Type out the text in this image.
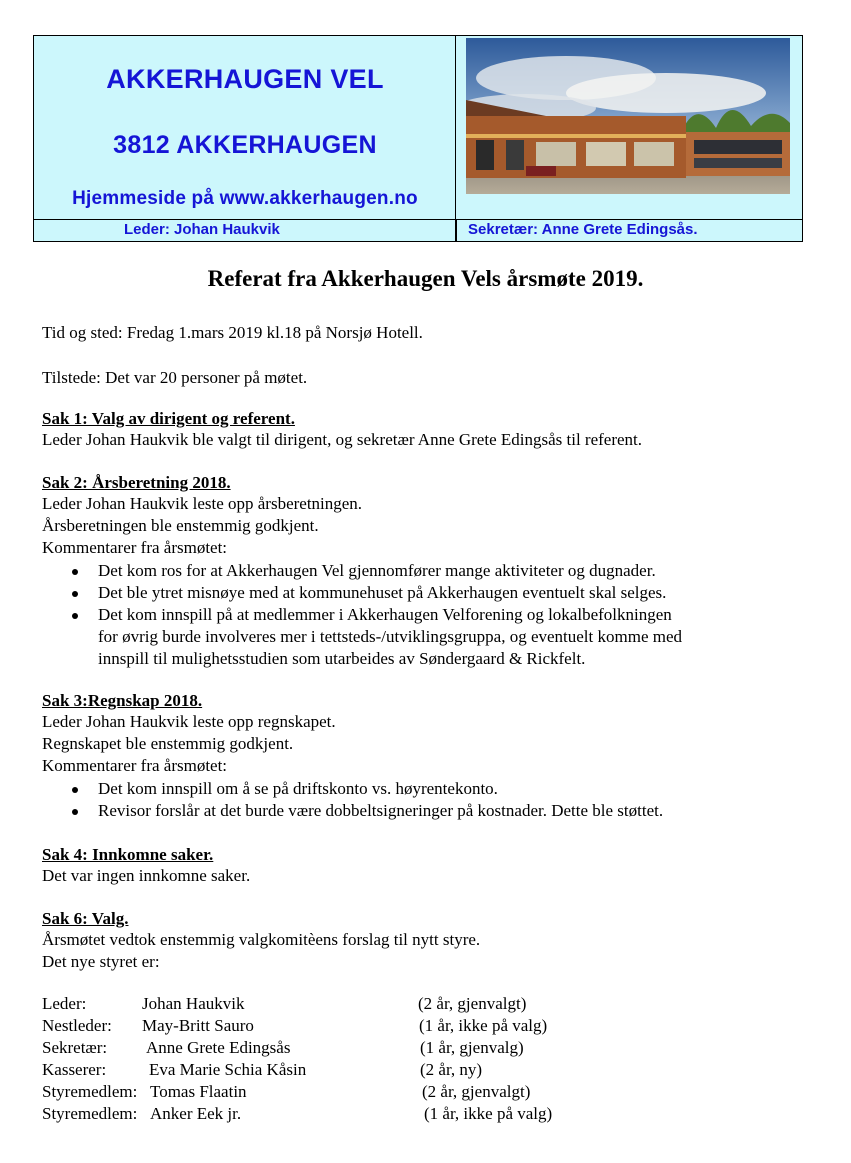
AKKERHAUGEN VEL
3812 AKKERHAUGEN
Hjemmeside på www.akkerhaugen.no
Leder: Johan Haukvik	Sekretær: Anne Grete Edingsås.
Referat fra Akkerhaugen Vels årsmøte 2019.
Tid og sted: Fredag 1.mars 2019 kl.18 på Norsjø Hotell.
Tilstede: Det var 20 personer på møtet.
Sak 1: Valg av dirigent og referent.
Leder Johan Haukvik ble valgt til dirigent, og sekretær Anne Grete Edingsås til referent.
Sak 2: Årsberetning 2018.
Leder Johan Haukvik leste opp årsberetningen.
Årsberetningen ble enstemmig godkjent.
Kommentarer fra årsmøtet:
Det kom ros for at Akkerhaugen Vel gjennomfører mange aktiviteter og dugnader.
Det ble ytret misnøye med at kommunehuset på Akkerhaugen eventuelt skal selges.
Det kom innspill på at medlemmer i Akkerhaugen Velforening og lokalbefolkningen
for øvrig burde involveres mer i tettsteds-/utviklingsgruppa, og eventuelt komme med
innspill til mulighetsstudien som utarbeides av Søndergaard & Rickfelt.
Sak 3:Regnskap 2018.
Leder Johan Haukvik leste opp regnskapet.
Regnskapet ble enstemmig godkjent.
Kommentarer fra årsmøtet:
Det kom innspill om å se på driftskonto vs. høyrentekonto.
Revisor forslår at det burde være dobbeltsigneringer på kostnader. Dette ble støttet.
Sak 4: Innkomne saker.
Det var ingen innkomne saker.
Sak 6: Valg.
Årsmøtet vedtok enstemmig valgkomitèens forslag til nytt styre.
Det nye styret er:
Leder:	Johan Haukvik	(2 år, gjenvalgt)
Nestleder: May-Britt Sauro	(1 år, ikke på valg)
Sekretær: Anne Grete Edingsås	(1 år, gjenvalg)
Kasserer:	Eva Marie Schia Kåsin	(2 år, ny)
Styremedlem: Tomas Flaatin	(2 år, gjenvalgt)
Styremedlem: Anker Eek jr.	(1 år, ikke på valg)
